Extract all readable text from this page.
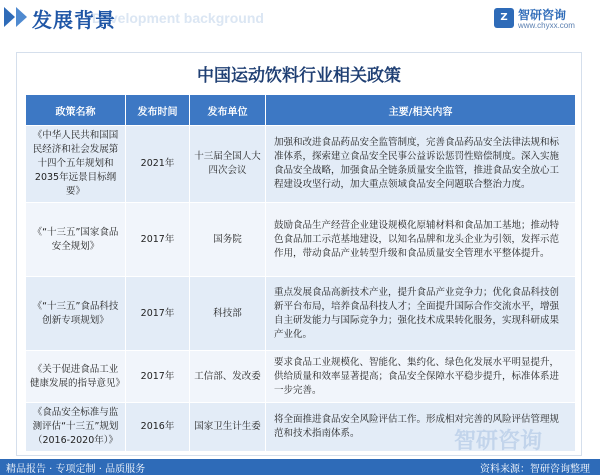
Development background
发展背景	Z 智研咨询
www.chyxx.com
中国运动饮料行业相关政策
政策名称	发布时间	发布单位	主要/相关内容
《中华人民共和国国民经济和社会发展第十四个五年规划和2035年远景目标纲要》	2021年	十三届全国人大四次会议	加强和改进食品药品安全监管制度，完善食品药品安全法律法规和标准体系，探索建立食品安全民事公益诉讼惩罚性赔偿制度。深入实施食品安全战略，加强食品全链条质量安全监管，推进食品安全放心工程建设攻坚行动，加大重点领域食品安全问题联合整治力度。
《“十三五”国家食品安全规划》	2017年	国务院	鼓励食品生产经营企业建设规模化原辅材料和食品加工基地；推动特色食品加工示范基地建设，以知名品牌和龙头企业为引领，发挥示范作用，带动食品产业转型升级和食品质量安全管理水平整体提升。
《“十三五”食品科技创新专项规划》	2017年	科技部	重点发展食品高新技术产业，提升食品产业竞争力；优化食品科技创新平台布局，培养食品科技人才；全面提升国际合作交流水平，增强自主研发能力与国际竞争力；强化技术成果转化服务，实现科研成果产业化。
《关于促进食品工业健康发展的指导意见》	2017年	工信部、发改委	要求食品工业规模化、智能化、集约化、绿色化发展水平明显提升，供给质量和效率显著提高；食品安全保障水平稳步提升，标准体系进一步完善。
《食品安全标准与监测评估“十三五”规划（2016-2020年）》	2016年	国家卫生计生委	将全面推进食品安全风险评估工作。形成相对完善的风险评估管理规范和技术指南体系。	智研咨询
精品报告 · 专项定制 · 品质服务	资料来源：智研咨询整理
